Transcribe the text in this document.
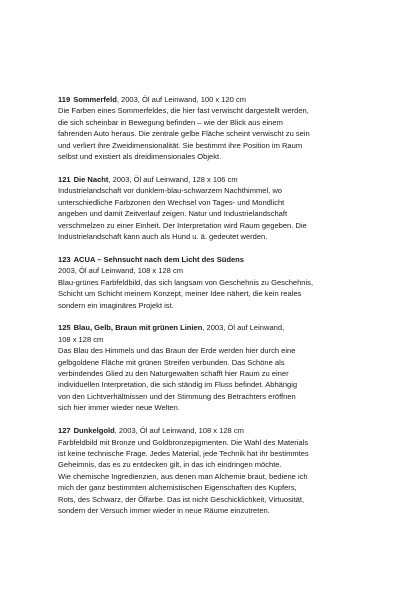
119 Sommerfeld, 2003, Öl auf Leinwand, 100 x 120 cm
Die Farben eines Sommerfeldes, die hier fast verwischt dargestellt werden,
die sich scheinbar in Bewegung befinden – wie der Blick aus einem
fahrenden Auto heraus. Die zentrale gelbe Fläche scheint verwischt zu sein
und verliert ihre Zweidimensionalität. Sie bestimmt ihre Position im Raum
selbst und existiert als dreidimensionales Objekt.
121 Die Nacht, 2003, Öl auf Leinwand, 128 x 106 cm
Industrielandschaft vor dunklem-blau-schwarzem Nachthimmel, wo
unterschiedliche Farbzonen den Wechsel von Tages- und Mondlicht
angeben und damit Zeitverlauf zeigen. Natur und Industrielandschaft
verschmelzen zu einer Einheit. Der Interpretation wird Raum gegeben. Die
Industrielandschaft kann auch als Hund u. ä. gedeutet werden.
123 ACUA – Sehnsucht nach dem Licht des Südens
2003, Öl auf Leinwand, 108 x 128 cm
Blau-grünes Farbfeldbild, das sich langsam von Geschehnis zu Geschehnis,
Schicht um Schicht meinem Konzept, meiner Idee nähert, die kein reales
sondern ein imaginäres Projekt ist.
125 Blau, Gelb, Braun mit grünen Linien, 2003, Öl auf Leinwand,
108 x 128 cm
Das Blau des Himmels und das Braun der Erde werden hier durch eine
gelbgoldene Fläche mit grünen Streifen verbunden. Das Schöne als
verbindendes Glied zu den Naturgewalten schafft hier Raum zu einer
individuellen Interpretation, die sich ständig im Fluss befindet. Abhängig
von den Lichtverhältnissen und der Stimmung des Betrachters eröffnen
sich hier immer wieder neue Welten.
127 Dunkelgold, 2003, Öl auf Leinwand, 108 x 128 cm
Farbfeldbild mit Bronze und Goldbronzepigmenten. Die Wahl des Materials
ist keine technische Frage. Jedes Material, jede Technik hat ihr bestimmtes
Geheimnis, das es zu entdecken gilt, in das ich eindringen möchte.
Wie chemische Ingredienzien, aus denen man Alchemie braut, bediene ich
mich der ganz bestimmten alchemistischen Eigenschaften des Kupfers,
Rots, des Schwarz, der Ölfarbe. Das ist nicht Geschicklichkeit, Virtuosität,
sondern der Versuch immer wieder in neue Räume einzutreten.
